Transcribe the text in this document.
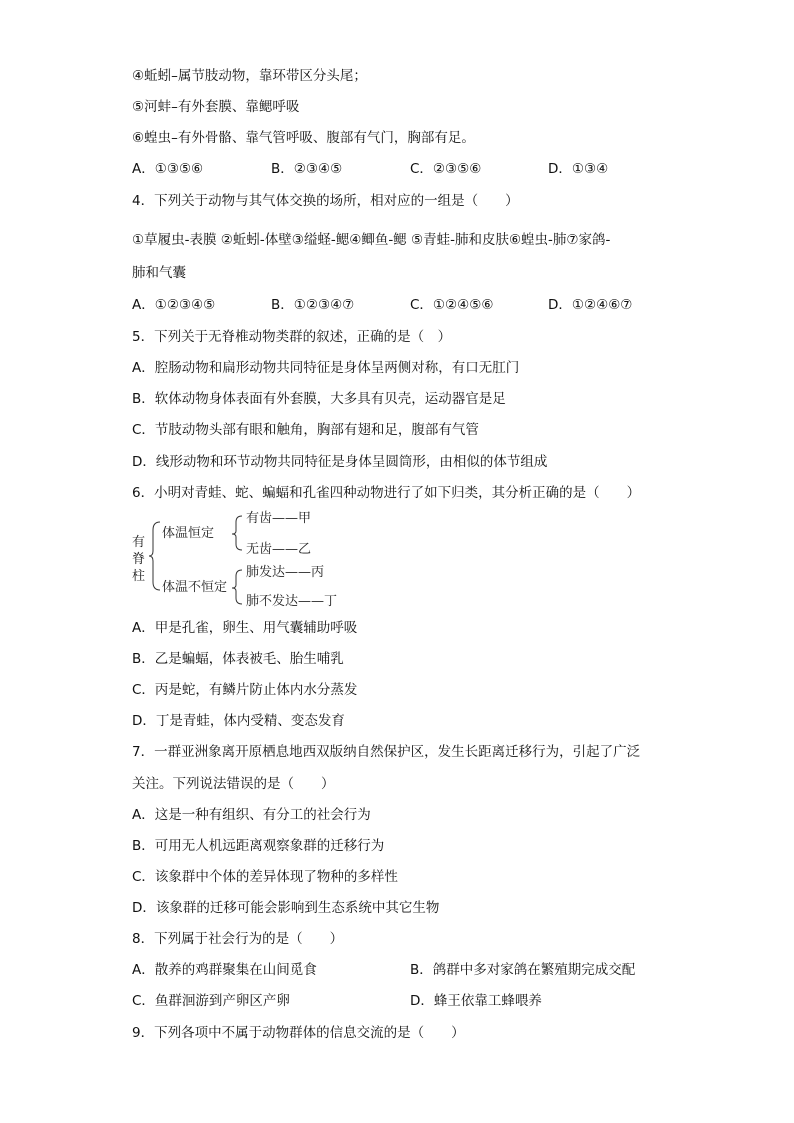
④蚯蚓–属节肢动物，靠环带区分头尾；
⑤河蚌–有外套膜、靠鳃呼吸
⑥蝗虫–有外骨骼、靠气管呼吸、腹部有气门，胸部有足。
A．①③⑤⑥	B．②③④⑤	C．②③⑤⑥	D．①③④
4．下列关于动物与其气体交换的场所，相对应的一组是（　　）
①草履虫-表膜 ②蚯蚓-体壁③缢蛏-鳃④鲫鱼-鳃 ⑤青蛙-肺和皮肤⑥蝗虫-肺⑦家鸽-
肺和气囊
A．①②③④⑤	B．①②③④⑦	C．①②④⑤⑥	D．①②④⑥⑦
5．下列关于无脊椎动物类群的叙述，正确的是（　）
A．腔肠动物和扁形动物共同特征是身体呈两侧对称，有口无肛门
B．软体动物身体表面有外套膜，大多具有贝壳，运动器官是足
C．节肢动物头部有眼和触角，胸部有翅和足，腹部有气管
D．线形动物和环节动物共同特征是身体呈圆筒形，由相似的体节组成
6．小明对青蛙、蛇、蝙蝠和孔雀四种动物进行了如下归类，其分析正确的是（　　）
有
脊
柱
体温恒定
体温不恒定
有齿——甲
无齿——乙
肺发达——丙
肺不发达——丁
A．甲是孔雀，卵生、用气囊辅助呼吸
B．乙是蝙蝠，体表被毛、胎生哺乳
C．丙是蛇，有鳞片防止体内水分蒸发
D．丁是青蛙，体内受精、变态发育
7．一群亚洲象离开原栖息地西双版纳自然保护区，发生长距离迁移行为，引起了广泛
关注。下列说法错误的是（　　）
A．这是一种有组织、有分工的社会行为
B．可用无人机远距离观察象群的迁移行为
C．该象群中个体的差异体现了物种的多样性
D．该象群的迁移可能会影响到生态系统中其它生物
8．下列属于社会行为的是（　　）
A．散养的鸡群聚集在山间觅食	B．鸽群中多对家鸽在繁殖期完成交配
C．鱼群洄游到产卵区产卵	D．蜂王依靠工蜂喂养
9．下列各项中不属于动物群体的信息交流的是（　　）
